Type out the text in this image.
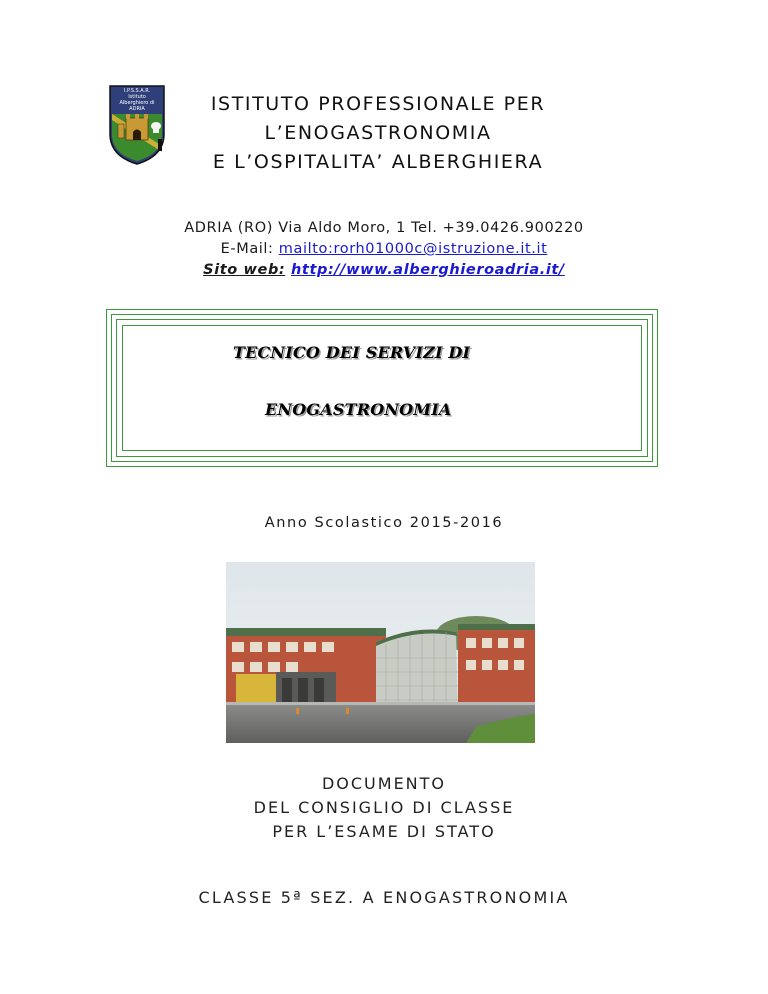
I.P.S.S.A.R.
Istituto Alberghiero di
ADRIA	ISTITUTO PROFESSIONALE PER
L’ENOGASTRONOMIA
E L’OSPITALITA’ ALBERGHIERA
ADRIA (RO) Via Aldo Moro, 1 Tel. +39.0426.900220
E-Mail: mailto:rorh01000c@istruzione.it.it
Sito web: http://www.alberghieroadria.it/
TECNICO DEI SERVIZI DI
ENOGASTRONOMIA
Anno Scolastico 2015-2016
DOCUMENTO
DEL CONSIGLIO DI CLASSE
PER L’ESAME DI STATO
CLASSE 5ª SEZ. A ENOGASTRONOMIA
